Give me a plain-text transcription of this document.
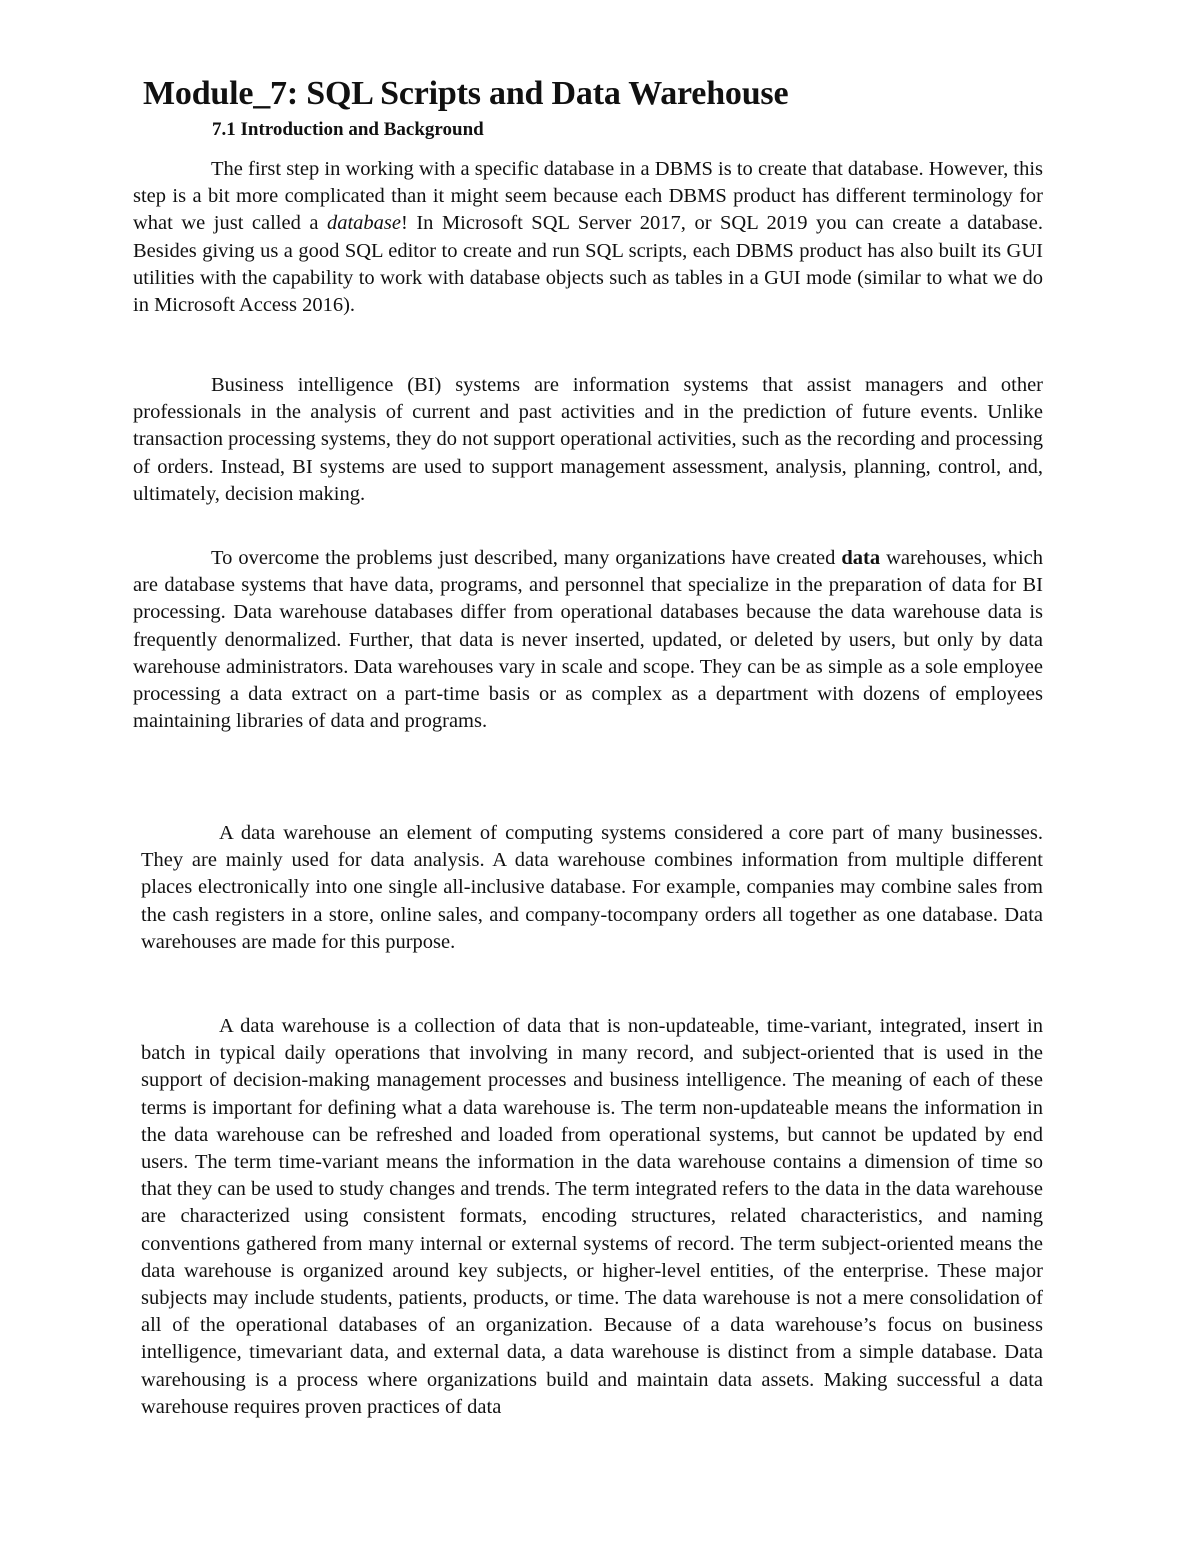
Module_7: SQL Scripts and Data Warehouse
7.1 Introduction and Background

The first step in working with a specific database in a DBMS is to create that database. However, this step is a bit more complicated than it might seem because each DBMS product has different terminology for what we just called a database! In Microsoft SQL Server 2017, or SQL 2019 you can create a database. Besides giving us a good SQL editor to create and run SQL scripts, each DBMS product has also built its GUI utilities with the capability to work with database objects such as tables in a GUI mode (similar to what we do in Microsoft Access 2016).

Business intelligence (BI) systems are information systems that assist managers and other professionals in the analysis of current and past activities and in the prediction of future events. Unlike transaction processing systems, they do not support operational activities, such as the recording and processing of orders. Instead, BI systems are used to support management assessment, analysis, planning, control, and, ultimately, decision making.

To overcome the problems just described, many organizations have created data warehouses, which are database systems that have data, programs, and personnel that specialize in the preparation of data for BI processing. Data warehouse databases differ from operational databases because the data warehouse data is frequently denormalized. Further, that data is never inserted, updated, or deleted by users, but only by data warehouse administrators. Data warehouses vary in scale and scope. They can be as simple as a sole employee processing a data extract on a part-time basis or as complex as a department with dozens of employees maintaining libraries of data and programs.

A data warehouse an element of computing systems considered a core part of many businesses. They are mainly used for data analysis. A data warehouse combines information from multiple different places electronically into one single all-inclusive database. For example, companies may combine sales from the cash registers in a store, online sales, and company-tocompany orders all together as one database. Data warehouses are made for this purpose.

A data warehouse is a collection of data that is non-updateable, time-variant, integrated, insert in batch in typical daily operations that involving in many record, and subject-oriented that is used in the support of decision-making management processes and business intelligence. The meaning of each of these terms is important for defining what a data warehouse is. The term non-updateable means the information in the data warehouse can be refreshed and loaded from operational systems, but cannot be updated by end users. The term time-variant means the information in the data warehouse contains a dimension of time so that they can be used to study changes and trends. The term integrated refers to the data in the data warehouse are characterized using consistent formats, encoding structures, related characteristics, and naming conventions gathered from many internal or external systems of record. The term subject-oriented means the data warehouse is organized around key subjects, or higher-level entities, of the enterprise. These major subjects may include students, patients, products, or time. The data warehouse is not a mere consolidation of all of the operational databases of an organization. Because of a data warehouse’s focus on business intelligence, timevariant data, and external data, a data warehouse is distinct from a simple database. Data warehousing is a process where organizations build and maintain data assets. Making successful a data warehouse requires proven practices of data
